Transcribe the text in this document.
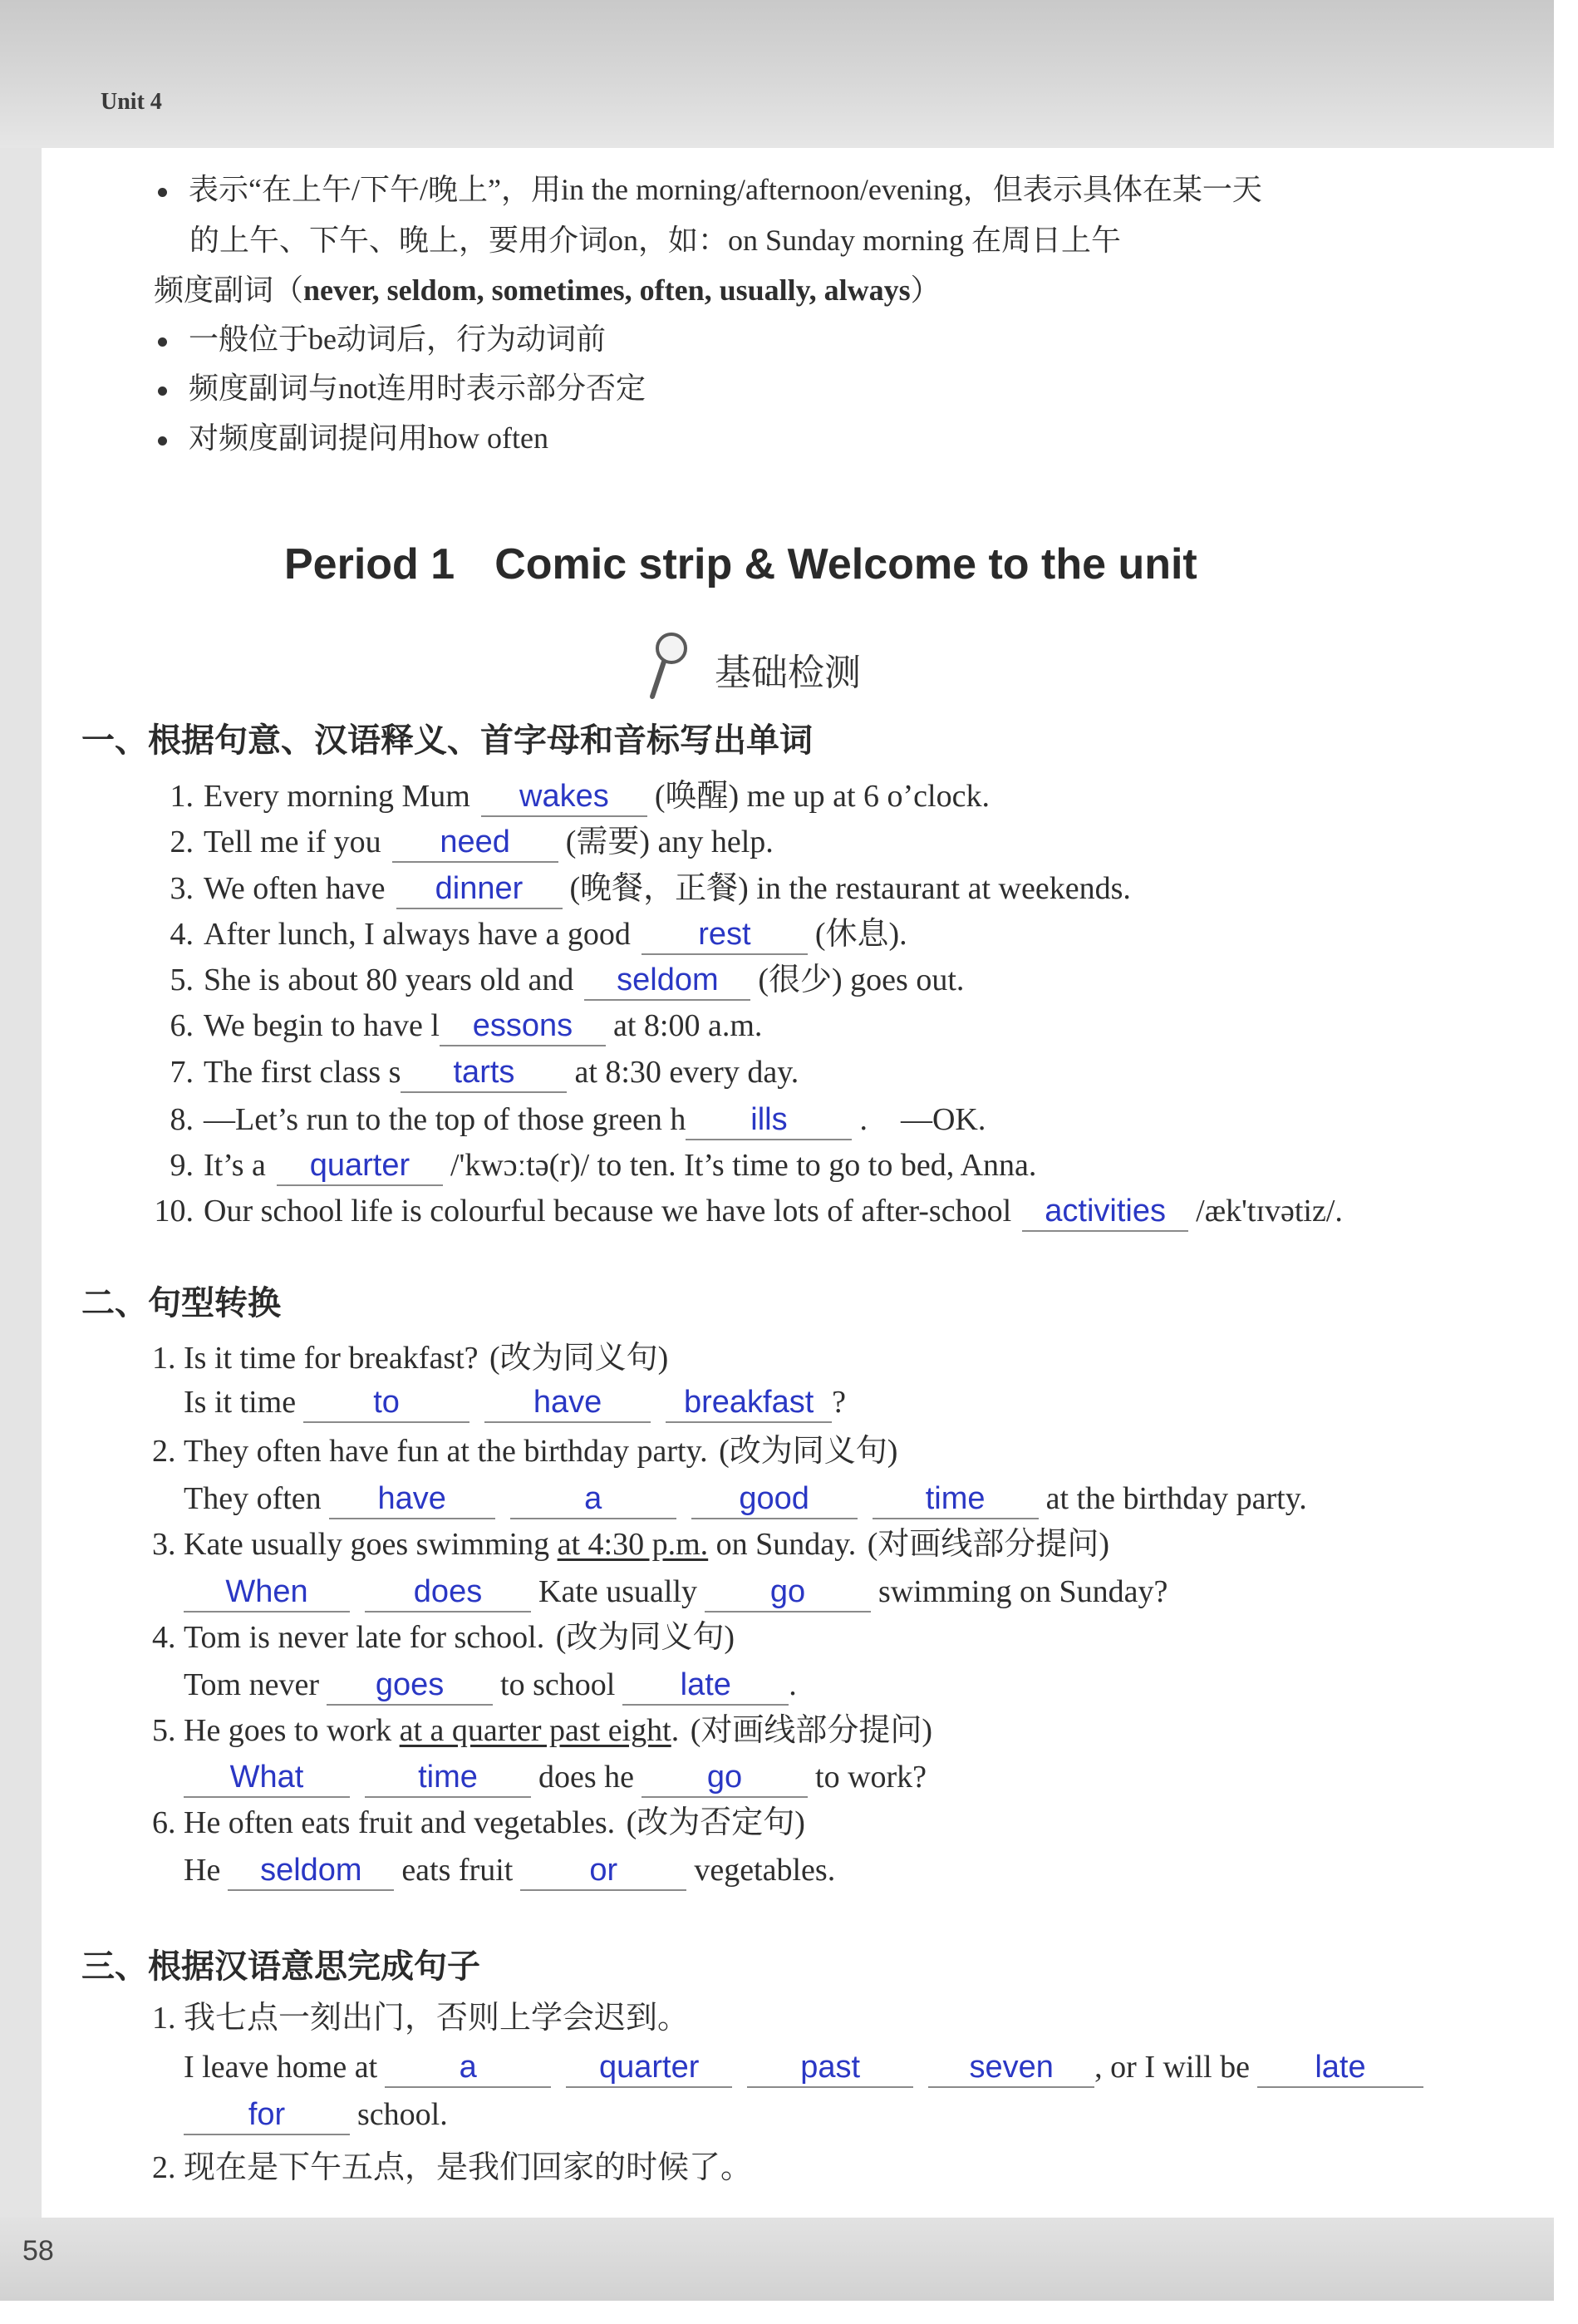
Unit 4
表示“在上午/下午/晚上”，用in the morning/afternoon/evening，但表示具体在某一天
的上午、下午、晚上，要用介词on，如：on Sunday morning 在周日上午
频度副词（never, seldom, sometimes, often, usually, always）
一般位于be动词后，行为动词前
频度副词与not连用时表示部分否定
对频度副词提问用how often
Period 1 Comic strip & Welcome to the unit
基础检测
一、根据句意、汉语释义、首字母和音标写出单词
1. Every morning Mum wakes (唤醒) me up at 6 o’clock.
2. Tell me if you need (需要) any help.
3. We often have dinner (晚餐，正餐) in the restaurant at weekends.
4. After lunch, I always have a good rest (休息).
5. She is about 80 years old and seldom (很少) goes out.
6. We begin to have l essons at 8:00 a.m.
7. The first class s tarts at 8:30 every day.
8. —Let’s run to the top of those green h ills . —OK.
9. It’s a quarter /'kwɔːtə(r)/ to ten. It’s time to go to bed, Anna.
10. Our school life is colourful because we have lots of after-school activities /æk'tɪvətiz/.
二、句型转换
1. Is it time for breakfast? (改为同义句)
Is it time to	have	breakfast ?
2. They often have fun at the birthday party. (改为同义句)
They often have	a	good	time at the birthday party.
3. Kate usually goes swimming at 4:30 p.m. on Sunday. (对画线部分提问)
When	does Kate usually go swimming on Sunday?
4. Tom is never late for school. (改为同义句)
Tom never goes to school late .
5. He goes to work at a quarter past eight. (对画线部分提问)
What	time does he go to work?
6. He often eats fruit and vegetables. (改为否定句)
He seldom eats fruit or vegetables.
三、根据汉语意思完成句子
1. 我七点一刻出门，否则上学会迟到。
I leave home at	a	quarter	past	seven , or I will be late
for school.
2. 现在是下午五点，是我们回家的时候了。
58
